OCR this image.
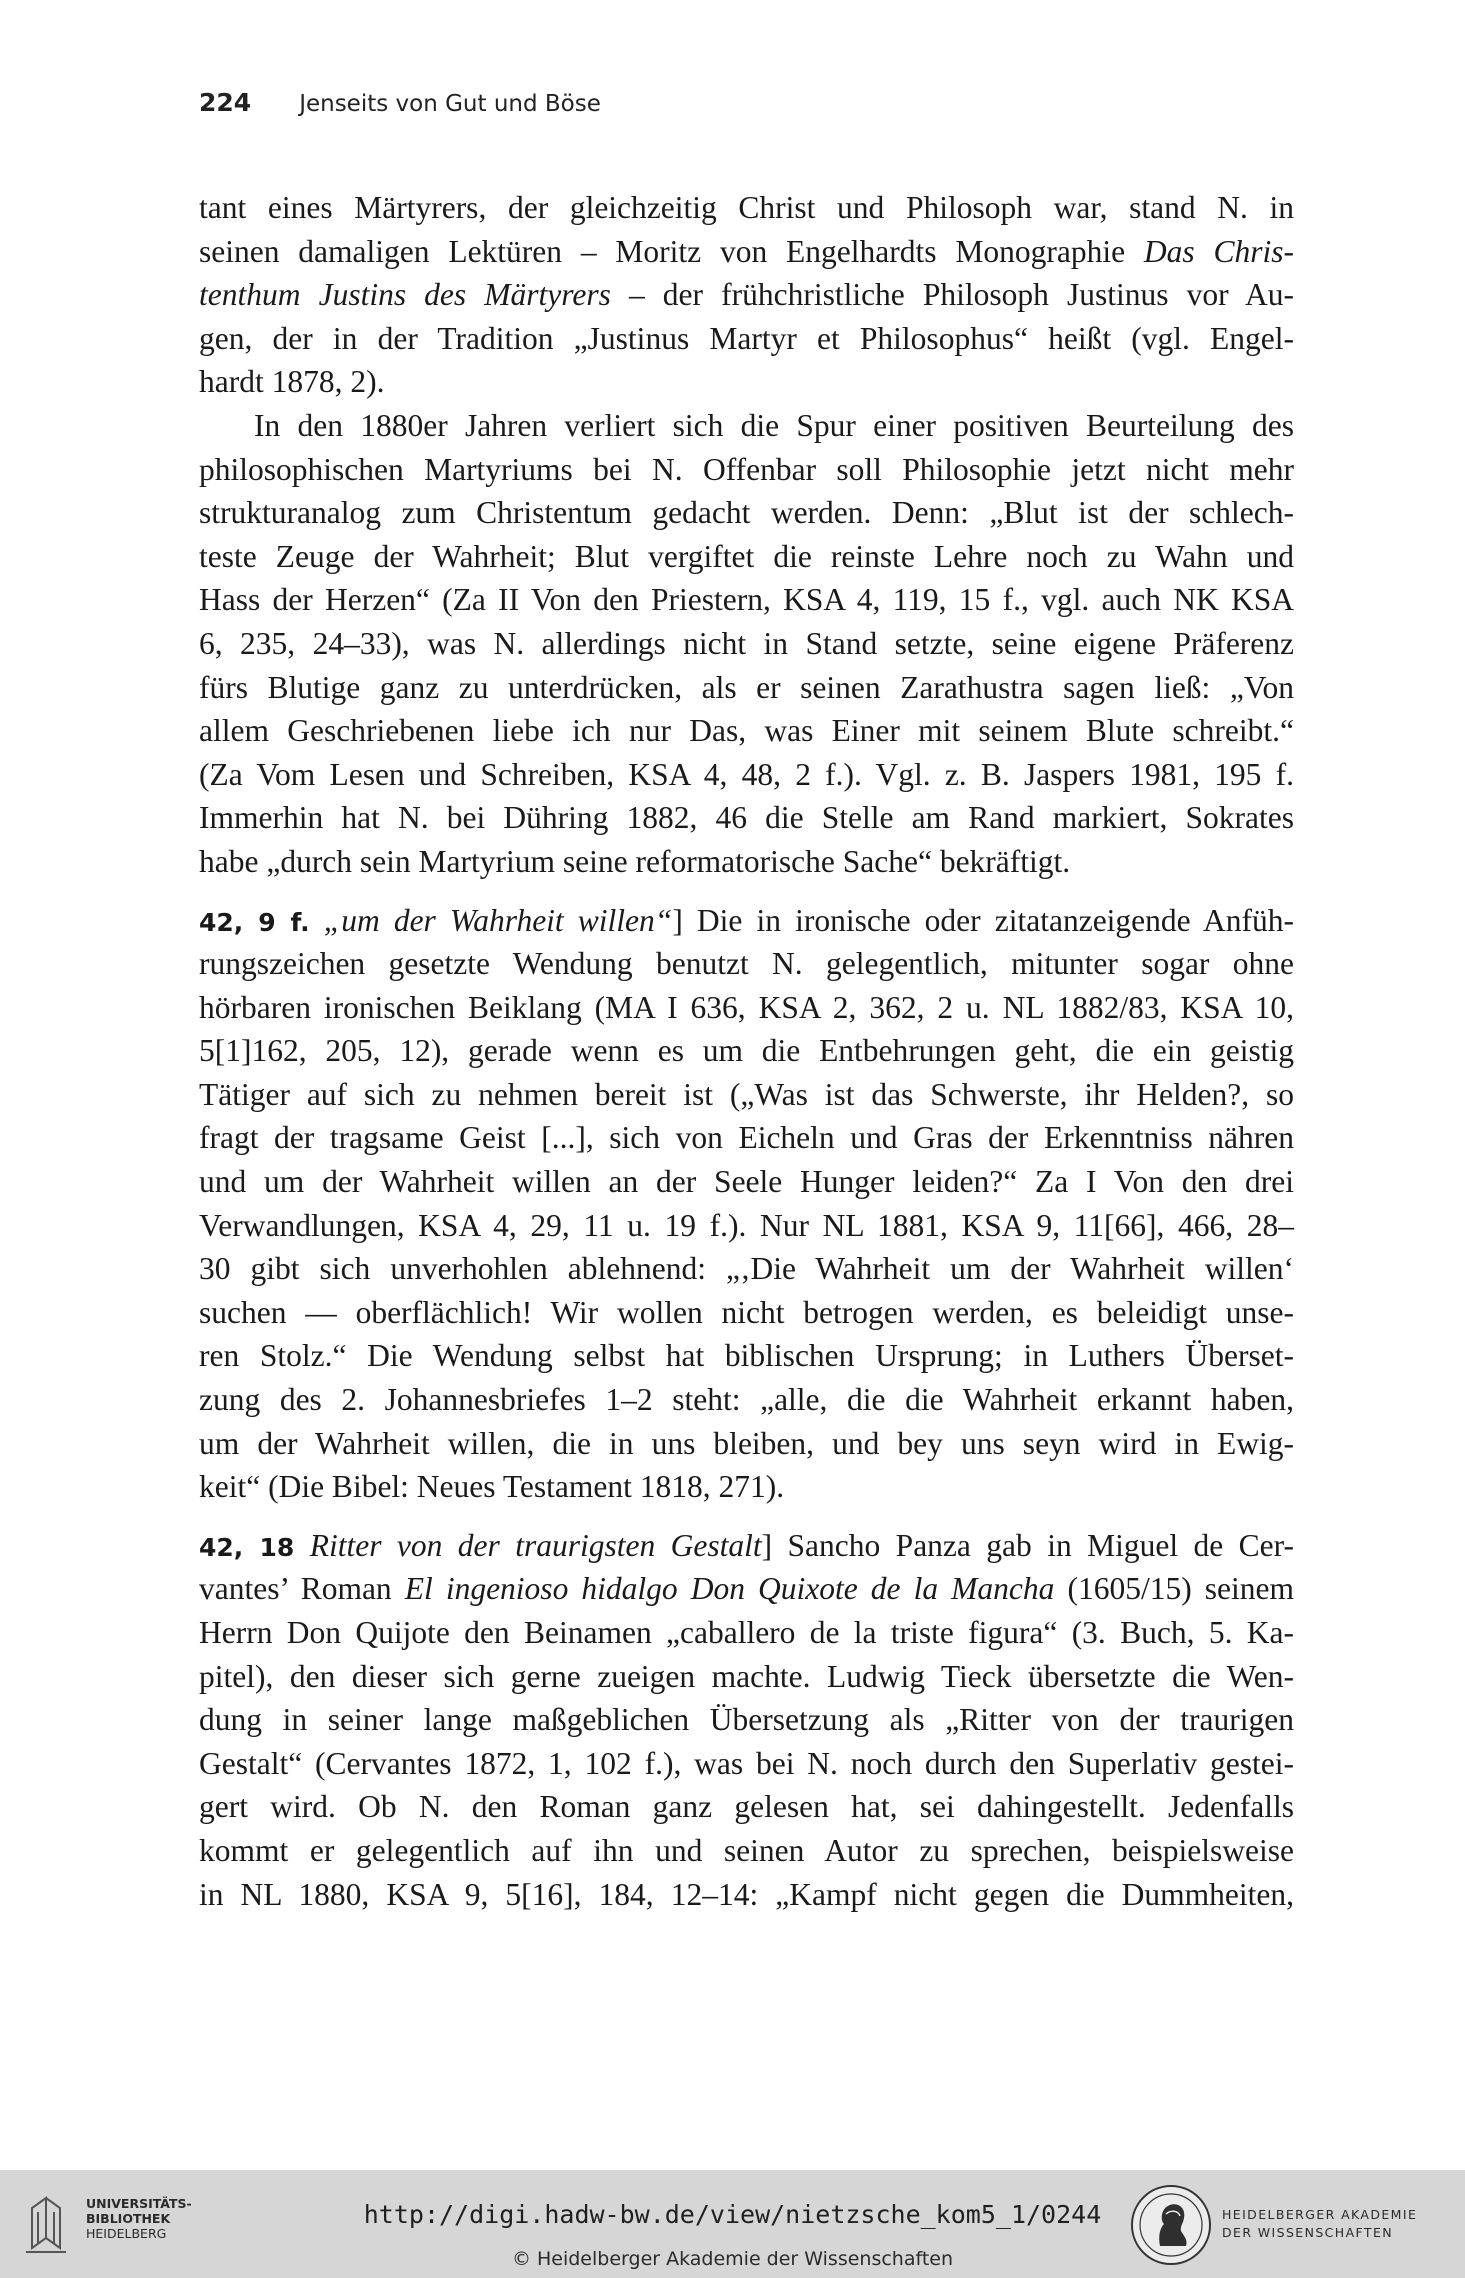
224 Jenseits von Gut und Böse
tant eines Märtyrers, der gleichzeitig Christ und Philosoph war, stand N. in
seinen damaligen Lektüren – Moritz von Engelhardts Monographie Das Chris-
tenthum Justins des Märtyrers – der frühchristliche Philosoph Justinus vor Au-
gen, der in der Tradition „Justinus Martyr et Philosophus“ heißt (vgl. Engel-
hardt 1878, 2).
In den 1880er Jahren verliert sich die Spur einer positiven Beurteilung des
philosophischen Martyriums bei N. Offenbar soll Philosophie jetzt nicht mehr
strukturanalog zum Christentum gedacht werden. Denn: „Blut ist der schlech-
teste Zeuge der Wahrheit; Blut vergiftet die reinste Lehre noch zu Wahn und
Hass der Herzen“ (Za II Von den Priestern, KSA 4, 119, 15 f., vgl. auch NK KSA
6, 235, 24–33), was N. allerdings nicht in Stand setzte, seine eigene Präferenz
fürs Blutige ganz zu unterdrücken, als er seinen Zarathustra sagen ließ: „Von
allem Geschriebenen liebe ich nur Das, was Einer mit seinem Blute schreibt.“
(Za Vom Lesen und Schreiben, KSA 4, 48, 2 f.). Vgl. z. B. Jaspers 1981, 195 f.
Immerhin hat N. bei Dühring 1882, 46 die Stelle am Rand markiert, Sokrates
habe „durch sein Martyrium seine reformatorische Sache“ bekräftigt.
42, 9 f. „um der Wahrheit willen“] Die in ironische oder zitatanzeigende Anfüh-
rungszeichen gesetzte Wendung benutzt N. gelegentlich, mitunter sogar ohne
hörbaren ironischen Beiklang (MA I 636, KSA 2, 362, 2 u. NL 1882/83, KSA 10,
5[1]162, 205, 12), gerade wenn es um die Entbehrungen geht, die ein geistig
Tätiger auf sich zu nehmen bereit ist („Was ist das Schwerste, ihr Helden?, so
fragt der tragsame Geist [...], sich von Eicheln und Gras der Erkenntniss nähren
und um der Wahrheit willen an der Seele Hunger leiden?“ Za I Von den drei
Verwandlungen, KSA 4, 29, 11 u. 19 f.). Nur NL 1881, KSA 9, 11[66], 466, 28–
30 gibt sich unverhohlen ablehnend: „‚Die Wahrheit um der Wahrheit willen‘
suchen — oberflächlich! Wir wollen nicht betrogen werden, es beleidigt unse-
ren Stolz.“ Die Wendung selbst hat biblischen Ursprung; in Luthers Überset-
zung des 2. Johannesbriefes 1–2 steht: „alle, die die Wahrheit erkannt haben,
um der Wahrheit willen, die in uns bleiben, und bey uns seyn wird in Ewig-
keit“ (Die Bibel: Neues Testament 1818, 271).
42, 18 Ritter von der traurigsten Gestalt] Sancho Panza gab in Miguel de Cer-
vantes’ Roman El ingenioso hidalgo Don Quixote de la Mancha (1605/15) seinem
Herrn Don Quijote den Beinamen „caballero de la triste figura“ (3. Buch, 5. Ka-
pitel), den dieser sich gerne zueigen machte. Ludwig Tieck übersetzte die Wen-
dung in seiner lange maßgeblichen Übersetzung als „Ritter von der traurigen
Gestalt“ (Cervantes 1872, 1, 102 f.), was bei N. noch durch den Superlativ gestei-
gert wird. Ob N. den Roman ganz gelesen hat, sei dahingestellt. Jedenfalls
kommt er gelegentlich auf ihn und seinen Autor zu sprechen, beispielsweise
in NL 1880, KSA 9, 5[16], 184, 12–14: „Kampf nicht gegen die Dummheiten,
UNIVERSITÄTS-
BIBLIOTHEK
HEIDELBERG
http://digi.hadw-bw.de/view/nietzsche_kom5_1/0244
© Heidelberger Akademie der Wissenschaften
HEIDELBERGER AKADEMIE
DER WISSENSCHAFTEN
